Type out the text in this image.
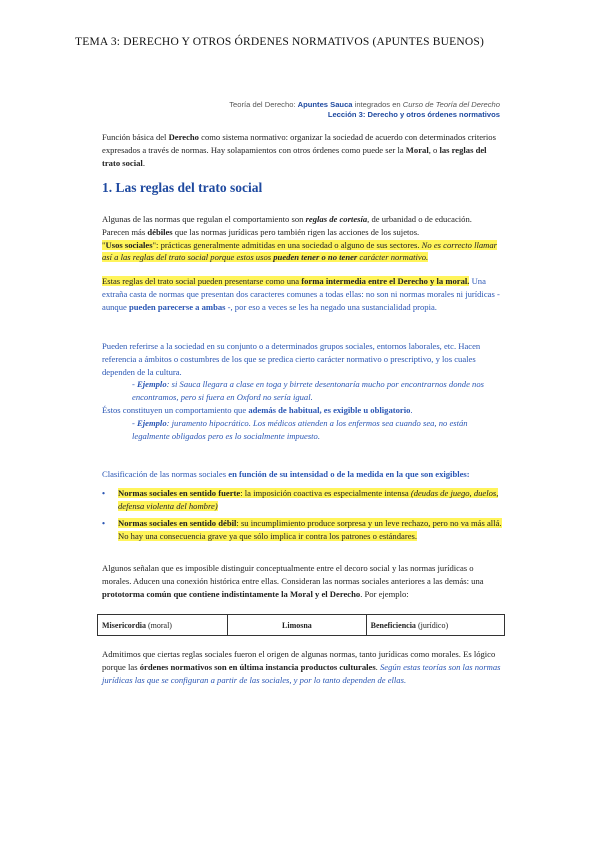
TEMA 3: DERECHO Y OTROS ÓRDENES NORMATIVOS (APUNTES BUENOS)
Teoría del Derecho: Apuntes Sauca integrados en Curso de Teoría del Derecho
Lección 3: Derecho y otros órdenes normativos
Función básica del Derecho como sistema normativo: organizar la sociedad de acuerdo con determinados criterios expresados a través de normas. Hay solapamientos con otros órdenes como puede ser la Moral, o las reglas del trato social.
1. Las reglas del trato social
Algunas de las normas que regulan el comportamiento son reglas de cortesía, de urbanidad o de educación.
Parecen más débiles que las normas jurídicas pero también rigen las acciones de los sujetos.
"Usos sociales": prácticas generalmente admitidas en una sociedad o alguno de sus sectores. No es correcto llamar así a las reglas del trato social porque estos usos pueden tener o no tener carácter normativo.
Estas reglas del trato social pueden presentarse como una forma intermedia entre el Derecho y la moral. Una extraña casta de normas que presentan dos caracteres comunes a todas ellas: no son ni normas morales ni jurídicas - aunque pueden parecerse a ambas -, por eso a veces se les ha negado una sustancialidad propia.
Pueden referirse a la sociedad en su conjunto o a determinados grupos sociales, entornos laborales, etc. Hacen referencia a ámbitos o costumbres de los que se predica cierto carácter normativo o prescriptivo, y los cuales dependen de la cultura.
- Ejemplo: si Sauca llegara a clase en toga y birrete desentonaría mucho por encontrarnos donde nos encontramos, pero si fuera en Oxford no sería igual.
Éstos constituyen un comportamiento que además de habitual, es exigible u obligatorio.
- Ejemplo: juramento hipocrático. Los médicos atienden a los enfermos sea cuando sea, no están legalmente obligados pero es lo socialmente impuesto.
Clasificación de las normas sociales en función de su intensidad o de la medida en la que son exigibles:
• Normas sociales en sentido fuerte: la imposición coactiva es especialmente intensa (deudas de juego, duelos, defensa violenta del hombre)
• Normas sociales en sentido débil: su incumplimiento produce sorpresa y un leve rechazo, pero no va más allá. No hay una consecuencia grave ya que sólo implica ir contra los patrones o estándares.
Algunos señalan que es imposible distinguir conceptualmente entre el decoro social y las normas jurídicas o morales. Aducen una conexión histórica entre ellas. Consideran las normas sociales anteriores a las demás: una prototorma común que contiene indistintamente la Moral y el Derecho. Por ejemplo:
Misericordia (moral)	Limosna	Beneficiencia (jurídico)
Admitimos que ciertas reglas sociales fueron el origen de algunas normas, tanto jurídicas como morales. Es lógico porque las órdenes normativos son en última instancia productos culturales. Según estas teorías son las normas jurídicas las que se configuran a partir de las sociales, y por lo tanto dependen de ellas.
